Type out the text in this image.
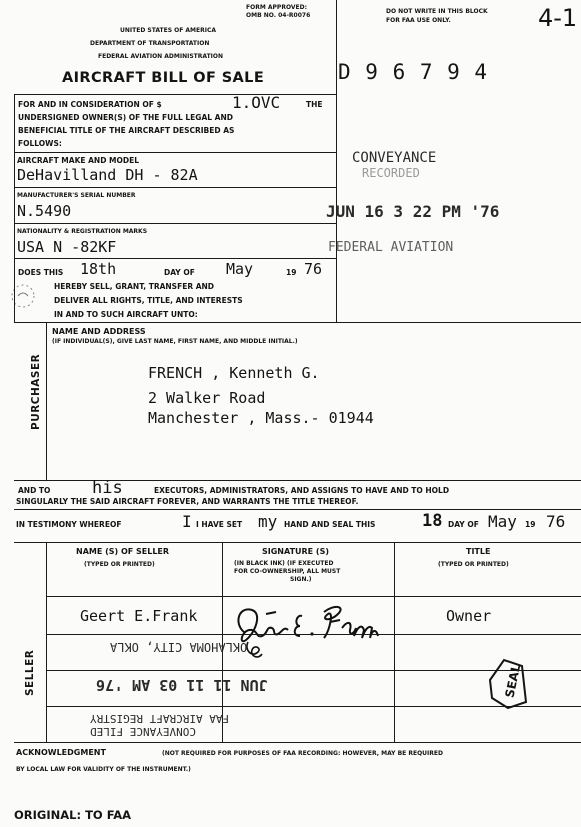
FORM APPROVED:
OMB NO. 04-R0076
UNITED STATES OF AMERICA
DEPARTMENT OF TRANSPORTATION
FEDERAL AVIATION ADMINISTRATION
AIRCRAFT BILL OF SALE
FOR AND IN CONSIDERATION OF $	1.OVC	THE
UNDERSIGNED OWNER(S) OF THE FULL LEGAL AND
BENEFICIAL TITLE OF THE AIRCRAFT DESCRIBED AS
FOLLOWS:
AIRCRAFT MAKE AND MODEL
DeHavilland DH - 82A
MANUFACTURER'S SERIAL NUMBER
N.5490
NATIONALITY & REGISTRATION MARKS
USA N -82KF
DOES THIS 18th	DAY OF May	19 76
HEREBY SELL, GRANT, TRANSFER AND
DELIVER ALL RIGHTS, TITLE, AND INTERESTS
IN AND TO SUCH AIRCRAFT UNTO:
DO NOT WRITE IN THIS BLOCK
FOR FAA USE ONLY.	4-1
D 9 6 7 9 4
CONVEYANCE
RECORDED
JUN 16 3 22 PM '76
FEDERAL AVIATION
PURCHASER
NAME AND ADDRESS
(IF INDIVIDUAL(S), GIVE LAST NAME, FIRST NAME, AND MIDDLE INITIAL.)
FRENCH , Kenneth G.
2 Walker Road
Manchester , Mass.- 01944
AND TO his	EXECUTORS, ADMINISTRATORS, AND ASSIGNS TO HAVE AND TO HOLD
SINGULARLY THE SAID AIRCRAFT FOREVER, AND WARRANTS THE TITLE THEREOF.
IN TESTIMONY WHEREOF	I I HAVE SET my HAND AND SEAL THIS	18 DAY OF May 19 76
SELLER
NAME (S) OF SELLER
(TYPED OR PRINTED)
SIGNATURE (S)
(IN BLACK INK) (IF EXECUTED
FOR CO-OWNERSHIP, ALL MUST
SIGN.)
TITLE
(TYPED OR PRINTED)
Geert E.Frank	Owner
OKLAHOMA CITY, OKLA
JUN 11 11 03 AM '76
FAA AIRCRAFT REGISTRY
CONVEYANCE FILED
SEAL
ACKNOWLEDGMENT	(NOT REQUIRED FOR PURPOSES OF FAA RECORDING: HOWEVER, MAY BE REQUIRED
BY LOCAL LAW FOR VALIDITY OF THE INSTRUMENT.)
ORIGINAL: TO FAA
